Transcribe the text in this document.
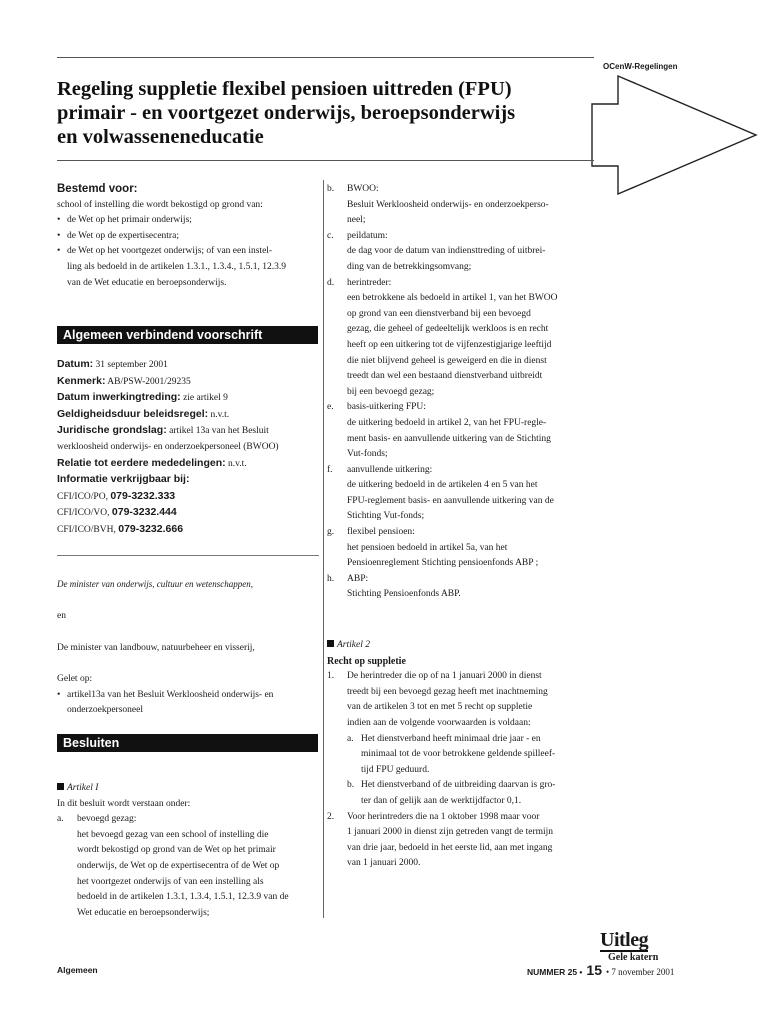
OCenW-Regelingen
Regeling suppletie flexibel pensioen uittreden (FPU)
primair - en voortgezet onderwijs, beroepsonderwijs
en volwasseneneducatie
Bestemd voor:
school of instelling die wordt bekostigd op grond van:
• de Wet op het primair onderwijs;
• de Wet op de expertisecentra;
• de Wet op het voortgezet onderwijs; of van een instel-
ling als bedoeld in de artikelen 1.3.1., 1.3.4., 1.5.1, 12.3.9
van de Wet educatie en beroepsonderwijs.
Algemeen verbindend voorschrift
Datum: 31 september 2001
Kenmerk: AB/PSW-2001/29235
Datum inwerkingtreding: zie artikel 9
Geldigheidsduur beleidsregel: n.v.t.
Juridische grondslag: artikel 13a van het Besluit
werkloosheid onderwijs- en onderzoekpersoneel (BWOO)
Relatie tot eerdere mededelingen: n.v.t.
Informatie verkrijgbaar bij:
CFI/ICO/PO, 079-3232.333
CFI/ICO/VO, 079-3232.444
CFI/ICO/BVH, 079-3232.666
De minister van onderwijs, cultuur en wetenschappen,
en
De minister van landbouw, natuurbeheer en visserij,
Gelet op:
• artikel13a van het Besluit Werkloosheid onderwijs- en
onderzoekpersoneel
Besluiten
Artikel I
In dit besluit wordt verstaan onder:
a.	bevoegd gezag:
het bevoegd gezag van een school of instelling die
wordt bekostigd op grond van de Wet op het primair
onderwijs, de Wet op de expertisecentra of de Wet op
het voortgezet onderwijs of van een instelling als
bedoeld in de artikelen 1.3.1, 1.3.4, 1.5.1, 12.3.9 van de
Wet educatie en beroepsonderwijs;
b.	BWOO:
Besluit Werkloosheid onderwijs- en onderzoekperso-
neel;
c.	peildatum:
de dag voor de datum van indiensttreding of uitbrei-
ding van de betrekkingsomvang;
d.	herintreder:
een betrokkene als bedoeld in artikel 1, van het BWOO
op grond van een dienstverband bij een bevoegd
gezag, die geheel of gedeeltelijk werkloos is en recht
heeft op een uitkering tot de vijfenzestigjarige leeftijd
die niet blijvend geheel is geweigerd en die in dienst
treedt dan wel een bestaand dienstverband uitbreidt
bij een bevoegd gezag;
e.	basis-uitkering FPU:
de uitkering bedoeld in artikel 2, van het FPU-regle-
ment basis- en aanvullende uitkering van de Stichting
Vut-fonds;
f.	aanvullende uitkering:
de uitkering bedoeld in de artikelen 4 en 5 van het
FPU-reglement basis- en aanvullende uitkering van de
Stichting Vut-fonds;
g.	flexibel pensioen:
het pensioen bedoeld in artikel 5a, van het
Pensioenreglement Stichting pensioenfonds ABP ;
h.	ABP:
Stichting Pensioenfonds ABP.
Artikel 2
Recht op suppletie
1.	De herintreder die op of na 1 januari 2000 in dienst
treedt bij een bevoegd gezag heeft met inachtneming
van de artikelen 3 tot en met 5 recht op suppletie
indien aan de volgende voorwaarden is voldaan:
a. Het dienstverband heeft minimaal drie jaar - en
minimaal tot de voor betrokkene geldende spilleef-
tijd FPU geduurd.
b. Het dienstverband of de uitbreiding daarvan is gro-
ter dan of gelijk aan de werktijdfactor 0,1.
2.	Voor herintreders die na 1 oktober 1998 maar voor
1 januari 2000 in dienst zijn getreden vangt de termijn
van drie jaar, bedoeld in het eerste lid, aan met ingang
van 1 januari 2000.
Uitleg
Gele katern
Algemeen	NUMMER 25 • 15 • 7 november 2001
